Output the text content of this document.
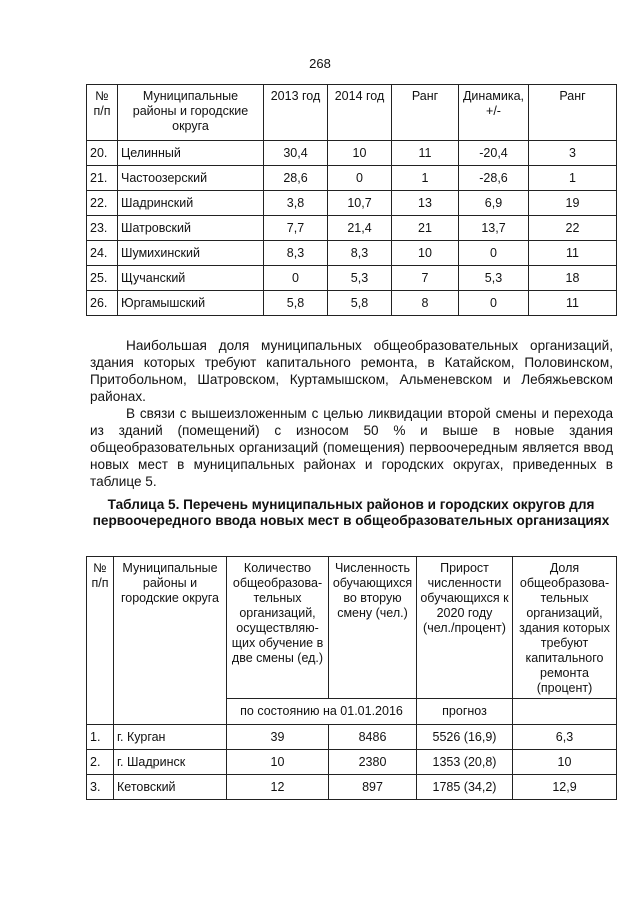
268
№ п/п	Муниципальные районы и городские округа	2013 год	2014 год	Ранг	Динамика, +/-	Ранг
20.	Целинный	30,4	10	11	-20,4	3
21.	Частоозерский	28,6	0	1	-28,6	1
22.	Шадринский	3,8	10,7	13	6,9	19
23.	Шатровский	7,7	21,4	21	13,7	22
24.	Шумихинский	8,3	8,3	10	0	11
25.	Щучанский	0	5,3	7	5,3	18
26.	Юргамышский	5,8	5,8	8	0	11

Наибольшая доля муниципальных общеобразовательных организаций, здания которых требуют капитального ремонта, в Катайском, Половинском, Притобольном, Шатровском, Куртамышском, Альменевском и Лебяжьевском районах.

В связи с вышеизложенным с целью ликвидации второй смены и перехода из зданий (помещений) с износом 50 % и выше в новые здания общеобразовательных организаций (помещения) первоочередным является ввод новых мест в муниципальных районах и городских округах, приведенных в таблице 5.

Таблица 5. Перечень муниципальных районов и городских округов для первоочередного ввода новых мест в общеобразовательных организациях
№ п/п	Муниципальные районы и городские округа	Количество общеобразова-тельных организаций, осуществляю-щих обучение в две смены (ед.)	Численность обучающихся во вторую смену (чел.)	Прирост численности обучающихся к 2020 году (чел./процент)	Доля общеобразова-тельных организаций, здания которых требуют капитального ремонта (процент)
		по состоянию на 01.01.2016		прогноз	
1.	г. Курган	39	8486	5526 (16,9)	6,3
2.	г. Шадринск	10	2380	1353 (20,8)	10
3.	Кетовский	12	897	1785 (34,2)	12,9
